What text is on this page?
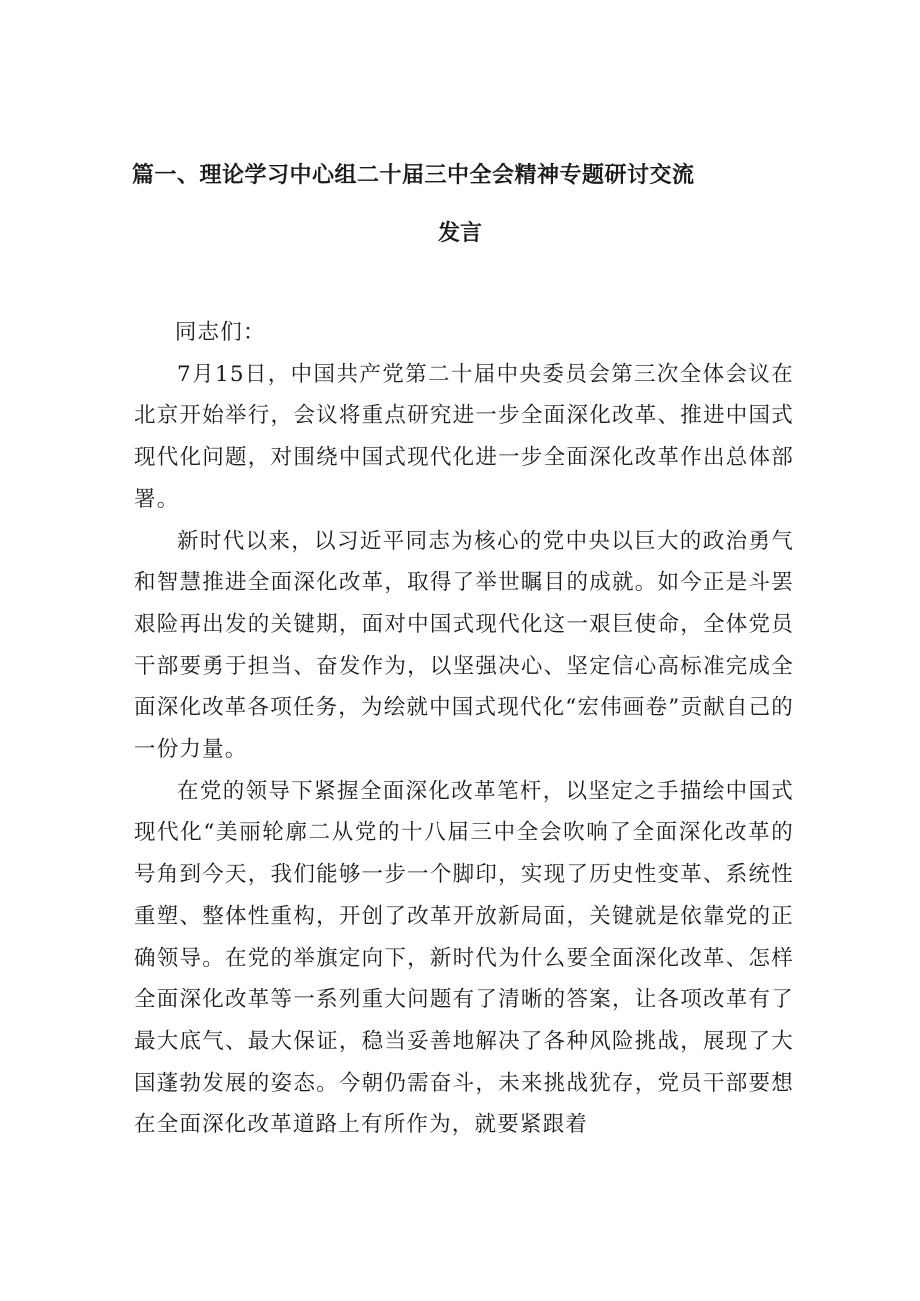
篇一、理论学习中心组二十届三中全会精神专题研讨交流
发言

同志们：

7月15日，中国共产党第二十届中央委员会第三次全体会议在北京开始举行，会议将重点研究进一步全面深化改革、推进中国式现代化问题，对围绕中国式现代化进一步全面深化改革作出总体部署。

新时代以来，以习近平同志为核心的党中央以巨大的政治勇气和智慧推进全面深化改革，取得了举世瞩目的成就。如今正是斗罢艰险再出发的关键期，面对中国式现代化这一艰巨使命，全体党员干部要勇于担当、奋发作为，以坚强决心、坚定信心高标准完成全面深化改革各项任务，为绘就中国式现代化“宏伟画卷”贡献自己的一份力量。

在党的领导下紧握全面深化改革笔杆，以坚定之手描绘中国式现代化“美丽轮廓二从党的十八届三中全会吹响了全面深化改革的号角到今天，我们能够一步一个脚印，实现了历史性变革、系统性重塑、整体性重构，开创了改革开放新局面，关键就是依靠党的正确领导。在党的举旗定向下，新时代为什么要全面深化改革、怎样全面深化改革等一系列重大问题有了清晰的答案，让各项改革有了最大底气、最大保证，稳当妥善地解决了各种风险挑战，展现了大国蓬勃发展的姿态。今朝仍需奋斗，未来挑战犹存，党员干部要想在全面深化改革道路上有所作为，就要紧跟着
